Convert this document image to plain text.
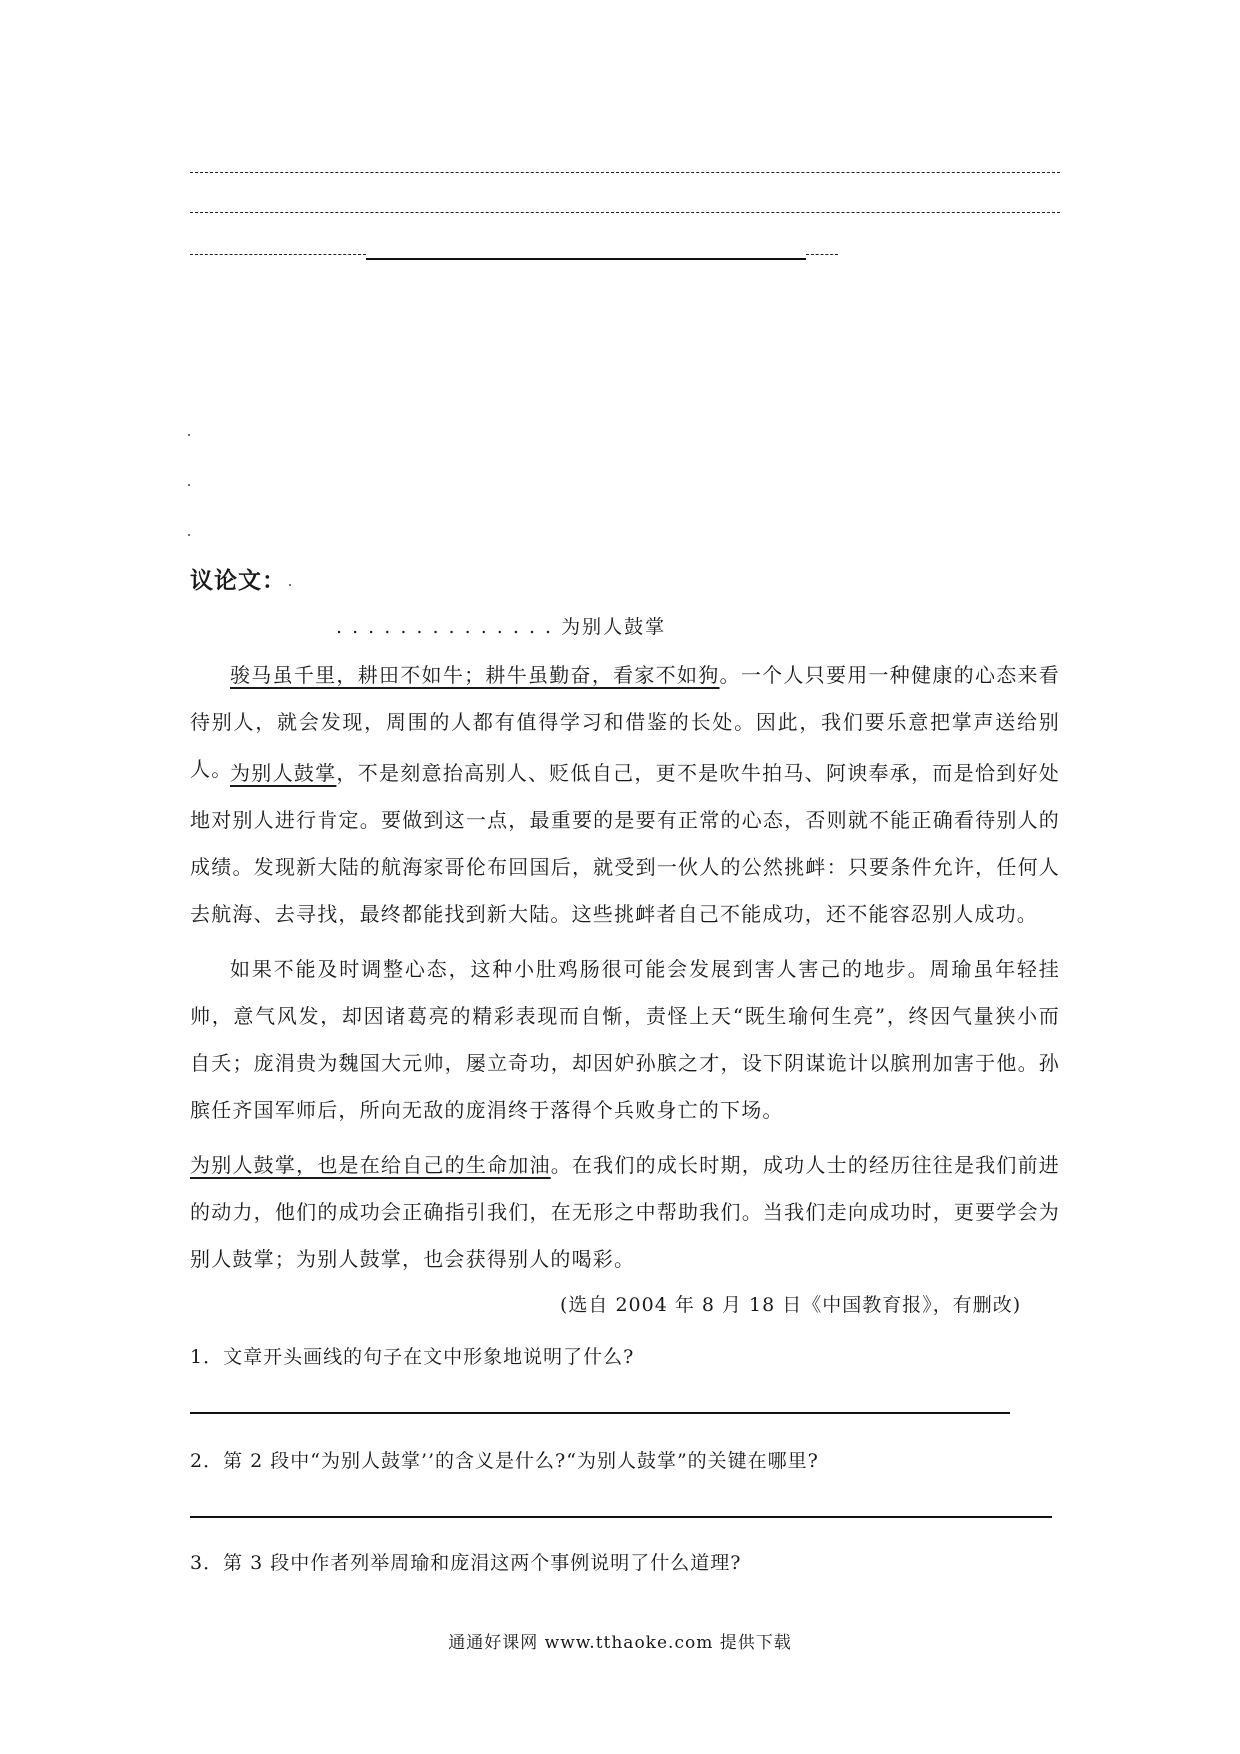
议论文：
. . . . . . . . . . . . . . 为别人鼓掌

骏马虽千里，耕田不如牛；耕牛虽勤奋，看家不如狗。一个人只要用一种健康的心态来看待别人，就会发现，周围的人都有值得学习和借鉴的长处。因此，我们要乐意把掌声送给别人。

为别人鼓掌，不是刻意抬高别人、贬低自己，更不是吹牛拍马、阿谀奉承，而是恰到好处地对别人进行肯定。要做到这一点，最重要的是要有正常的心态，否则就不能正确看待别人的成绩。发现新大陆的航海家哥伦布回国后，就受到一伙人的公然挑衅：只要条件允许，任何人去航海、去寻找，最终都能找到新大陆。这些挑衅者自己不能成功，还不能容忍别人成功。

如果不能及时调整心态，这种小肚鸡肠很可能会发展到害人害己的地步。周瑜虽年轻挂帅，意气风发，却因诸葛亮的精彩表现而自惭，责怪上天“既生瑜何生亮”，终因气量狭小而自夭；庞涓贵为魏国大元帅，屡立奇功，却因妒孙膑之才，设下阴谋诡计以膑刑加害于他。孙膑任齐国军师后，所向无敌的庞涓终于落得个兵败身亡的下场。

为别人鼓掌，也是在给自己的生命加油。在我们的成长时期，成功人士的经历往往是我们前进的动力，他们的成功会正确指引我们，在无形之中帮助我们。当我们走向成功时，更要学会为别人鼓掌；为别人鼓掌，也会获得别人的喝彩。

(选自 2004 年 8 月 18 日《中国教育报》，有删改)
1．文章开头画线的句子在文中形象地说明了什么?
2．第 2 段中“为别人鼓掌’’的含义是什么?“为别人鼓掌”的关键在哪里?
3．第 3 段中作者列举周瑜和庞涓这两个事例说明了什么道理?
通通好课网 www.tthaoke.com 提供下载
